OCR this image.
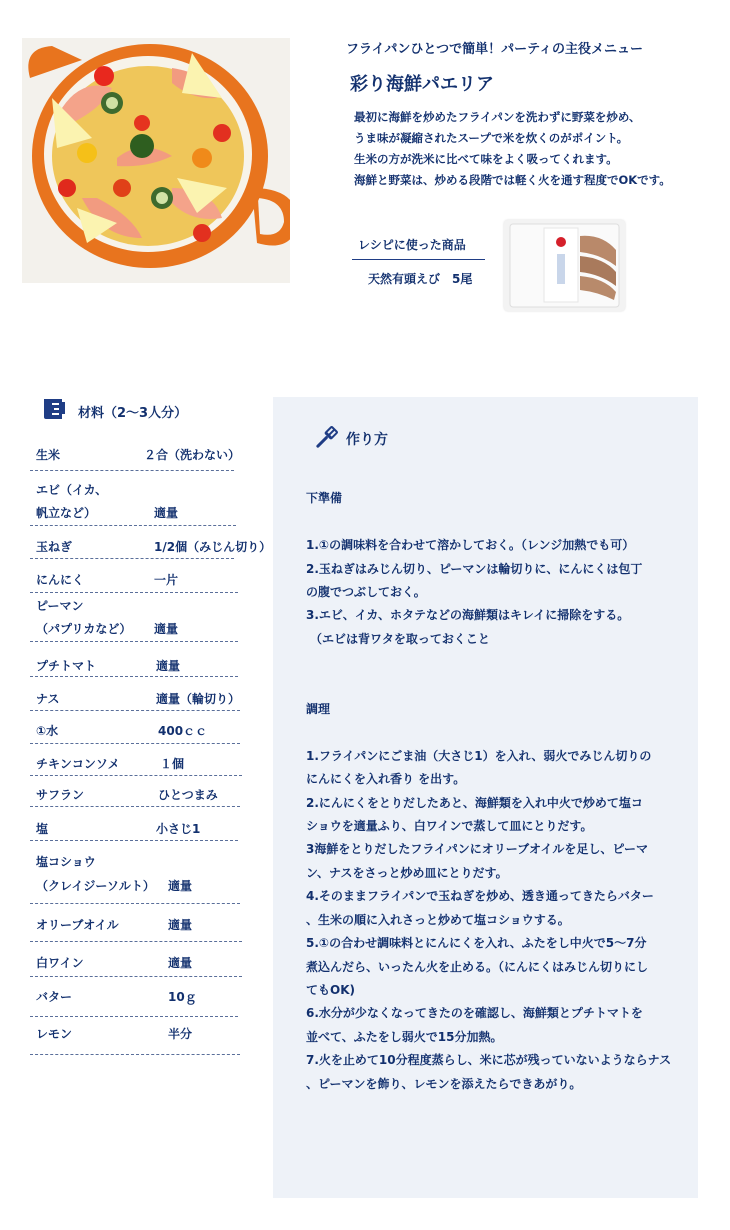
フライパンひとつで簡単！パーティの主役メニュー
彩り海鮮パエリア
最初に海鮮を炒めたフライパンを洗わずに野菜を炒め、
うま味が凝縮されたスープで米を炊くのがポイント。
生米の方が洗米に比べて味をよく吸ってくれます。
海鮮と野菜は、炒める段階では軽く火を通す程度でOKです。
レシピに使った商品
天然有頭えび　5尾
材料（2〜3人分）
生米	２合（洗わない）
エビ（イカ、
帆立など）	適量
玉ねぎ	1/2個（みじん切り）
にんにく	一片
ピーマン
（パプリカなど） 適量
プチトマト	適量
ナス	適量（輪切り）
①水	400ｃｃ
チキンコンソメ	１個
サフラン	ひとつまみ
塩	小さじ1
塩コショウ
（クレイジーソルト） 適量
オリーブオイル	適量
白ワイン	適量
バター	10ｇ
レモン	半分
作り方
下準備
1.①の調味料を合わせて溶かしておく。（レンジ加熱でも可）
2.玉ねぎはみじん切り、ピーマンは輪切りに、にんにくは包丁
の腹でつぶしておく。
3.エビ、イカ、ホタテなどの海鮮類はキレイに掃除をする。
（エビは背ワタを取っておくこと
調理
1.フライパンにごま油（大さじ1）を入れ、弱火でみじん切りの
にんにくを入れ香り を出す。
2.にんにくをとりだしたあと、海鮮類を入れ中火で炒めて塩コ
ショウを適量ふり、白ワインで蒸して皿にとりだす。
3海鮮をとりだしたフライパンにオリーブオイルを足し、ピーマ
ン、ナスをさっと炒め皿にとりだす。
4.そのままフライパンで玉ねぎを炒め、透き通ってきたらバター
、生米の順に入れさっと炒めて塩コショウする。
5.①の合わせ調味料とにんにくを入れ、ふたをし中火で5〜7分
煮込んだら、いったん火を止める。（にんにくはみじん切りにし
てもOK)
6.水分が少なくなってきたのを確認し、海鮮類とプチトマトを
並べて、ふたをし弱火で15分加熱。
7.火を止めて10分程度蒸らし、米に芯が残っていないようならナス
、ピーマンを飾り、レモンを添えたらできあがり。
